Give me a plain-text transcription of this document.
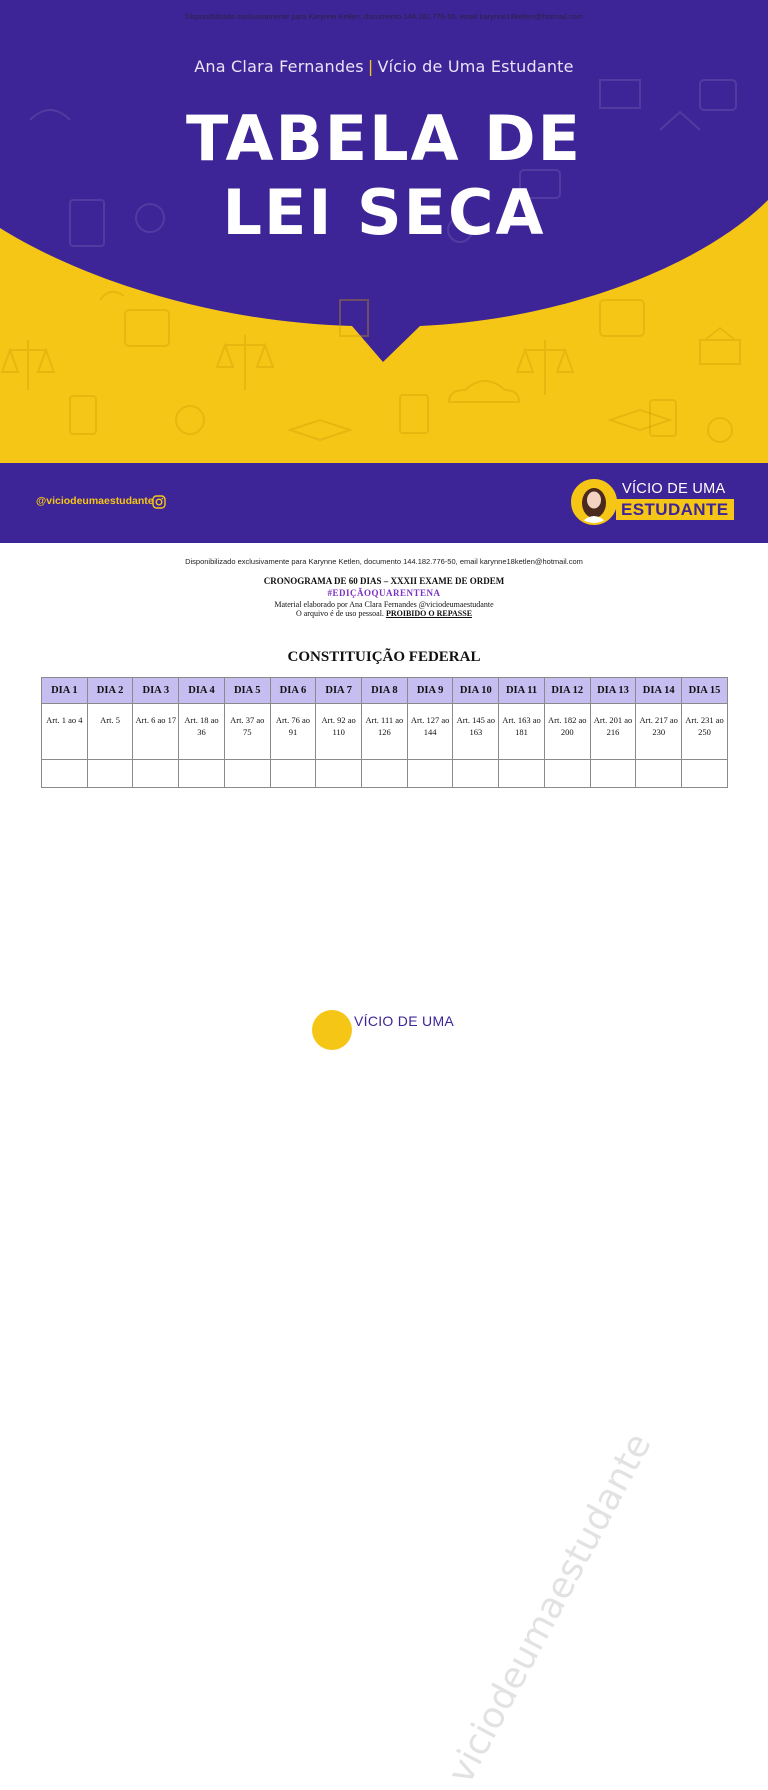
Disponibilizado exclusivamente para Karynne Ketlen, documento 144.182.776-50, email karynne18ketlen@hotmail.com
Ana Clara Fernandes | Vício de Uma Estudante
TABELA DE
LEI SECA
@viciodeumaestudante
VÍCIO DE UMA
ESTUDANTE
Disponibilizado exclusivamente para Karynne Ketlen, documento 144.182.776-50, email karynne18ketlen@hotmail.com
CRONOGRAMA DE 60 DIAS – XXXII EXAME DE ORDEM
#EDIÇÃOQUARENTENA
Material elaborado por Ana Clara Fernandes @viciodeumaestudante
O arquivo é de uso pessoal. PROIBIDO O REPASSE
CONSTITUIÇÃO FEDERAL
DIA 1	DIA 2	DIA 3	DIA 4	DIA 5	DIA 6	DIA 7	DIA 8	DIA 9	DIA 10	DIA 11	DIA 12	DIA 13	DIA 14	DIA 15
Art. 1 ao 4	Art. 5	Art. 6 ao 17	Art. 18 ao 36	Art. 37 ao 75	Art. 76 ao 91	Art. 92 ao 110	Art. 111 ao 126	Art. 127 ao 144	Art. 145 ao 163	Art. 163 ao 181	Art. 182 ao 200	Art. 201 ao 216	Art. 217 ao 230	Art. 231 ao 250

viciodeumaestudante
VÍCIO DE UMA
